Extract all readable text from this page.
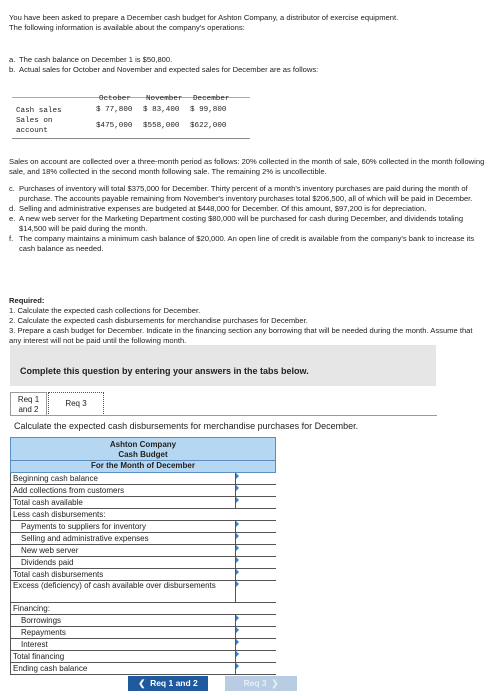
You have been asked to prepare a December cash budget for Ashton Company, a distributor of exercise equipment.
The following information is available about the company's operations:
a. The cash balance on December 1 is $50,800.
b. Actual sales for October and November and expected sales for December are as follows:
October November December
Cash sales	$ 77,800 $ 83,400 $ 99,800
Sales on account
$475,000 $558,000 $622,000
Sales on account are collected over a three-month period as follows: 20% collected in the month of sale, 60% collected in the month following sale, and 18% collected in the second month following sale. The remaining 2% is uncollectible.
c. Purchases of inventory will total $375,000 for December. Thirty percent of a month's inventory purchases are paid during the month of purchase. The accounts payable remaining from November's inventory purchases total $206,500, all of which will be paid in December.
d. Selling and administrative expenses are budgeted at $448,000 for December. Of this amount, $97,200 is for depreciation.
e. A new web server for the Marketing Department costing $80,000 will be purchased for cash during December, and dividends totaling $14,500 will be paid during the month.
f. The company maintains a minimum cash balance of $20,000. An open line of credit is available from the company's bank to increase its cash balance as needed.
Required:
1. Calculate the expected cash collections for December.
2. Calculate the expected cash disbursements for merchandise purchases for December.
3. Prepare a cash budget for December. Indicate in the financing section any borrowing that will be needed during the month. Assume that any interest will not be paid until the following month.
Complete this question by entering your answers in the tabs below.
Req 1
and 2
Req 3
Calculate the expected cash disbursements for merchandise purchases for December.
Ashton Company
Cash Budget
For the Month of December
Beginning cash balance
Add collections from customers
Total cash available
Less cash disbursements:
Payments to suppliers for inventory
Selling and administrative expenses
New web server
Dividends paid
Total cash disbursements
Excess (deficiency) of cash available over disbursements
Financing:
Borrowings
Repayments
Interest
Total financing
Ending cash balance
❮  Req 1 and 2	Req 3  ❯
